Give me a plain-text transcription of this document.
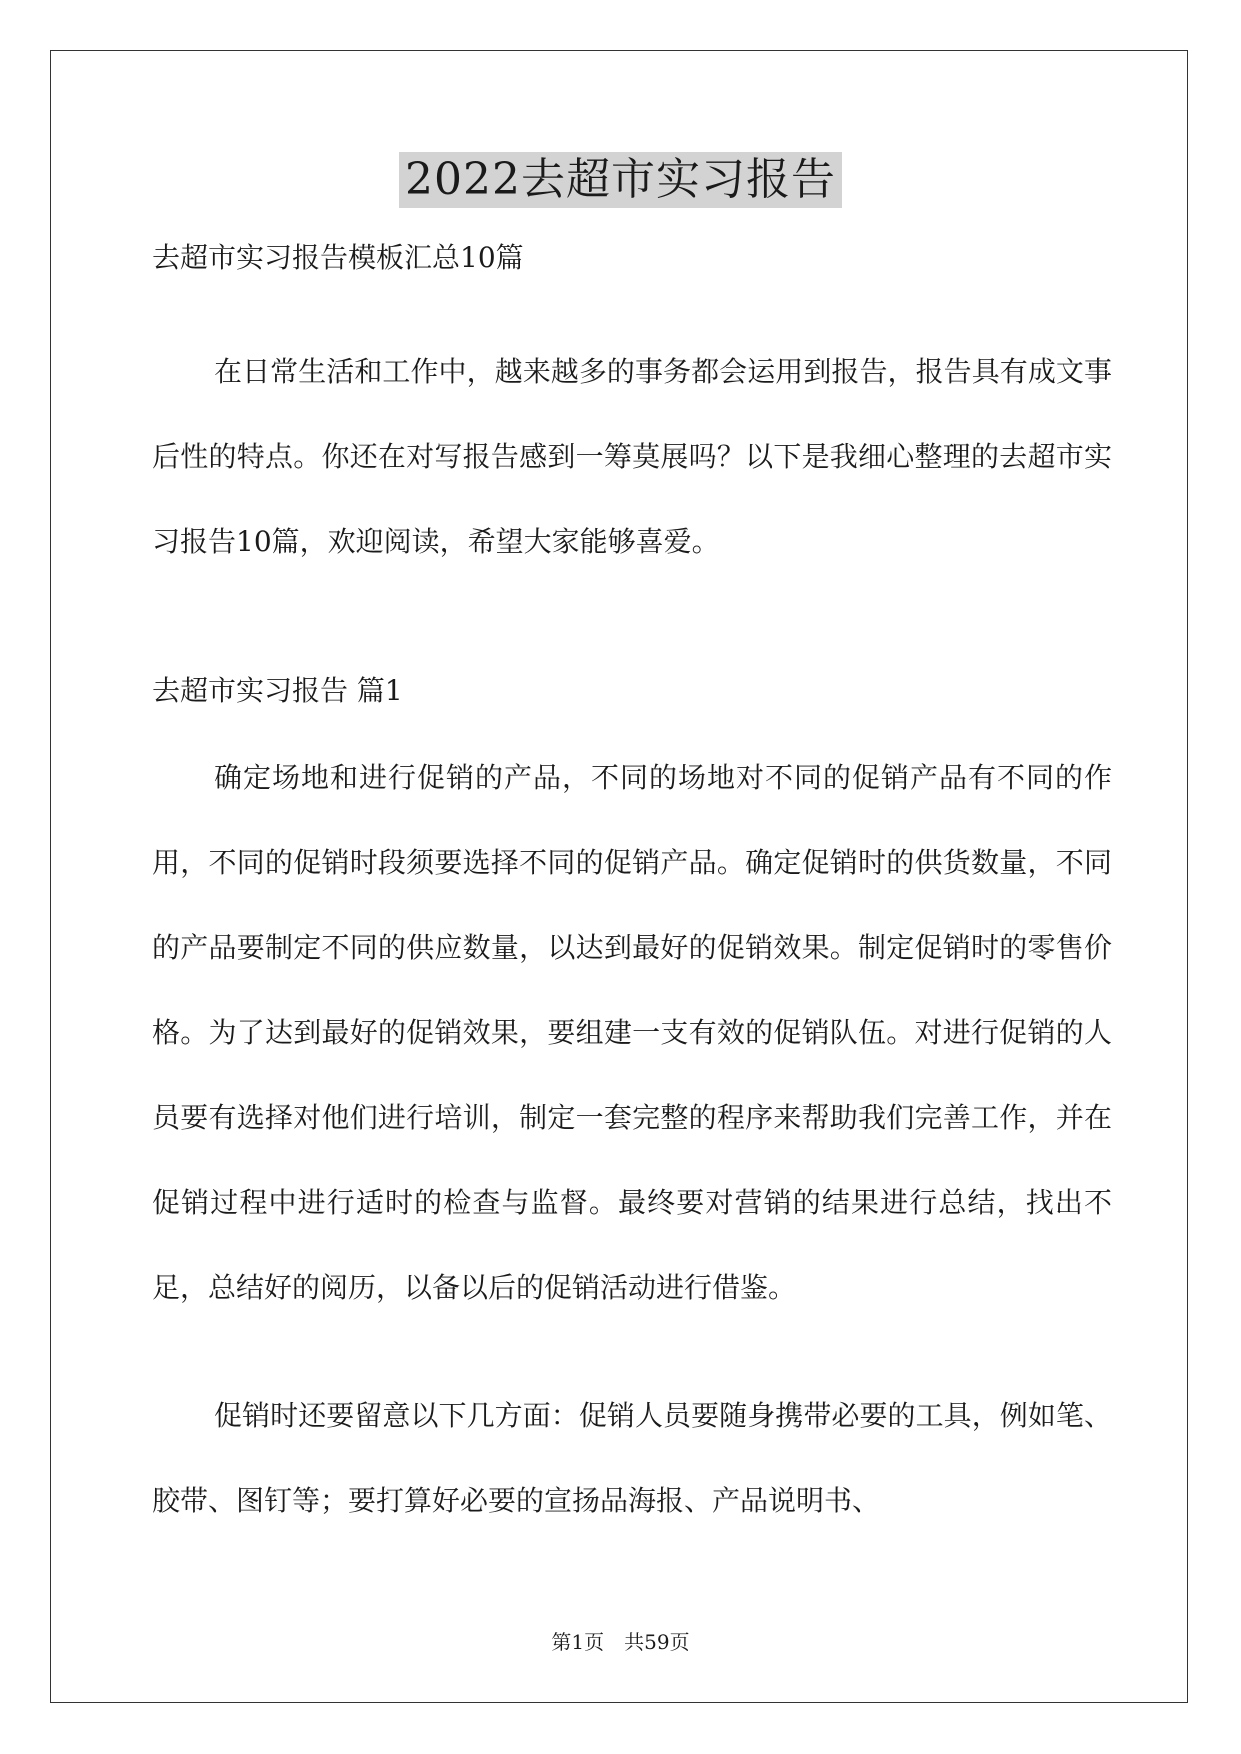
2022去超市实习报告
去超市实习报告模板汇总10篇

在日常生活和工作中，越来越多的事务都会运用到报告，报告具有成文事后性的特点。你还在对写报告感到一筹莫展吗？以下是我细心整理的去超市实习报告10篇，欢迎阅读，希望大家能够喜爱。

去超市实习报告 篇1

确定场地和进行促销的产品，不同的场地对不同的促销产品有不同的作用，不同的促销时段须要选择不同的促销产品。确定促销时的供货数量，不同的产品要制定不同的供应数量，以达到最好的促销效果。制定促销时的零售价格。为了达到最好的促销效果，要组建一支有效的促销队伍。对进行促销的人员要有选择对他们进行培训，制定一套完整的程序来帮助我们完善工作，并在促销过程中进行适时的检查与监督。最终要对营销的结果进行总结，找出不足，总结好的阅历，以备以后的促销活动进行借鉴。

促销时还要留意以下几方面：促销人员要随身携带必要的工具，例如笔、胶带、图钉等；要打算好必要的宣扬品海报、产品说明书、

第1页　共59页
